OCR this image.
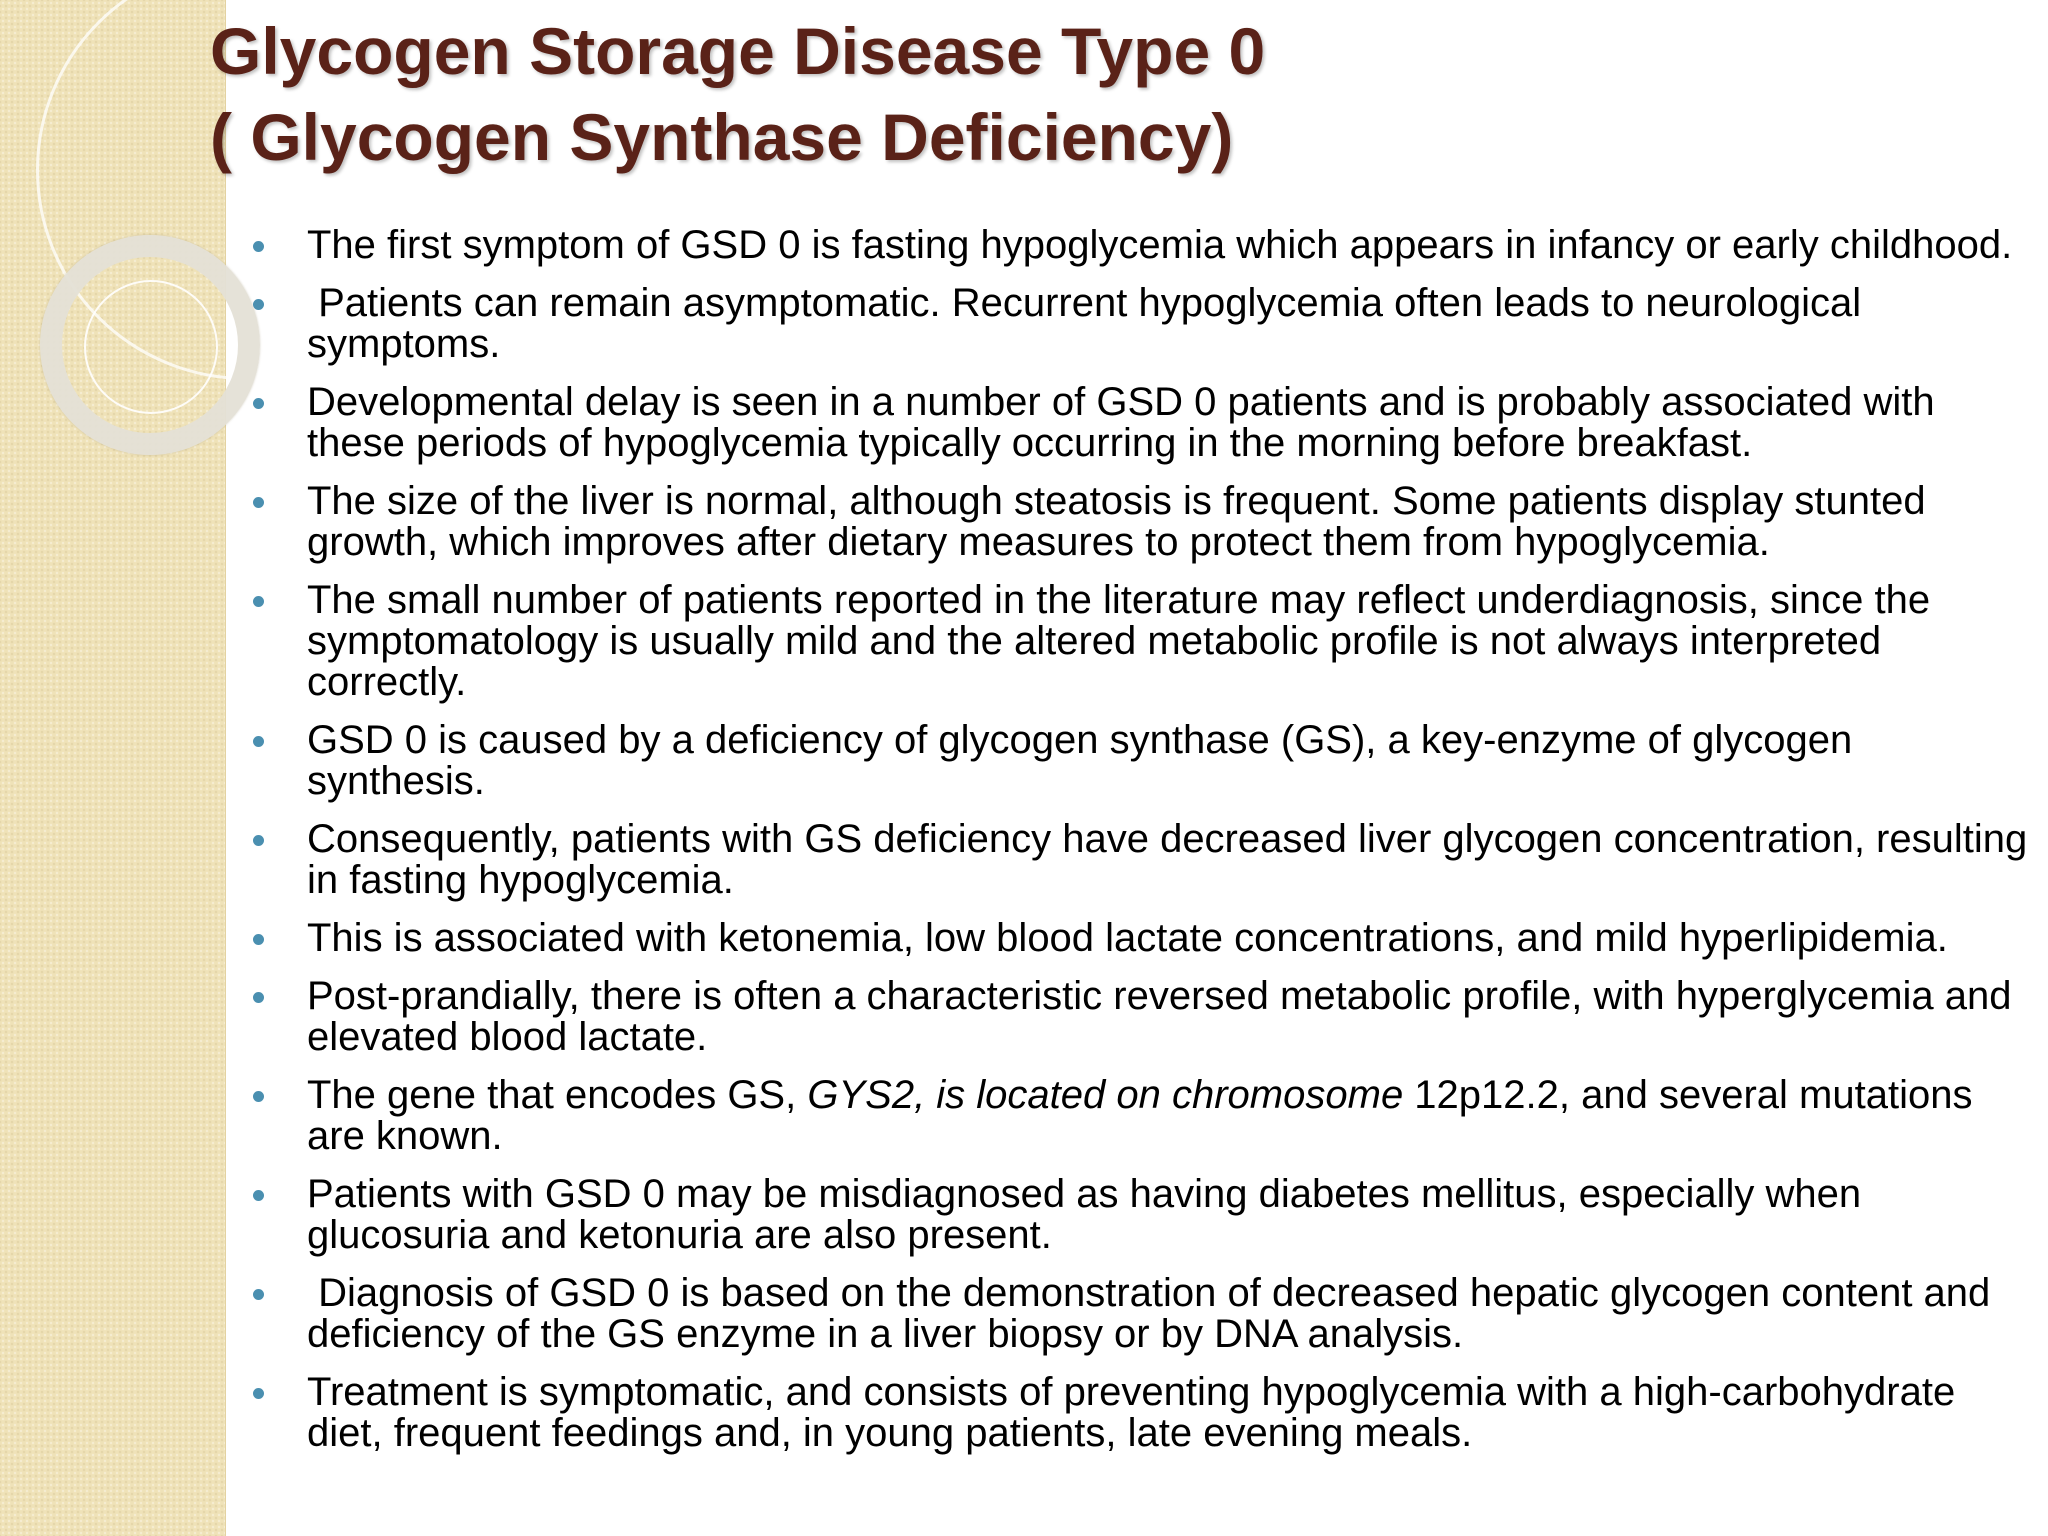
Glycogen Storage Disease Type 0
( Glycogen Synthase Deficiency)
The first symptom of GSD 0 is fasting hypoglycemia which appears in infancy or early childhood.
Patients can remain asymptomatic. Recurrent hypoglycemia often leads to neurological symptoms.
Developmental delay is seen in a number of GSD 0 patients and is probably associated with these periods of hypoglycemia typically occurring in the morning before breakfast.
The size of the liver is normal, although steatosis is frequent. Some patients display stunted growth, which improves after dietary measures to protect them from hypoglycemia.
The small number of patients reported in the literature may reflect underdiagnosis, since the symptomatology is usually mild and the altered metabolic profile is not always interpreted correctly.
GSD 0 is caused by a deficiency of glycogen synthase (GS), a key-enzyme of glycogen synthesis.
Consequently, patients with GS deficiency have decreased liver glycogen concentration, resulting in fasting hypoglycemia.
This is associated with ketonemia, low blood lactate concentrations, and mild hyperlipidemia.
Post-prandially, there is often a characteristic reversed metabolic profile, with hyperglycemia and elevated blood lactate.
The gene that encodes GS, GYS2, is located on chromosome 12p12.2, and several mutations are known.
Patients with GSD 0 may be misdiagnosed as having diabetes mellitus, especially when glucosuria and ketonuria are also present.
Diagnosis of GSD 0 is based on the demonstration of decreased hepatic glycogen content and deficiency of the GS enzyme in a liver biopsy or by DNA analysis.
Treatment is symptomatic, and consists of preventing hypoglycemia with a high-carbohydrate diet, frequent feedings and, in young patients, late evening meals.
